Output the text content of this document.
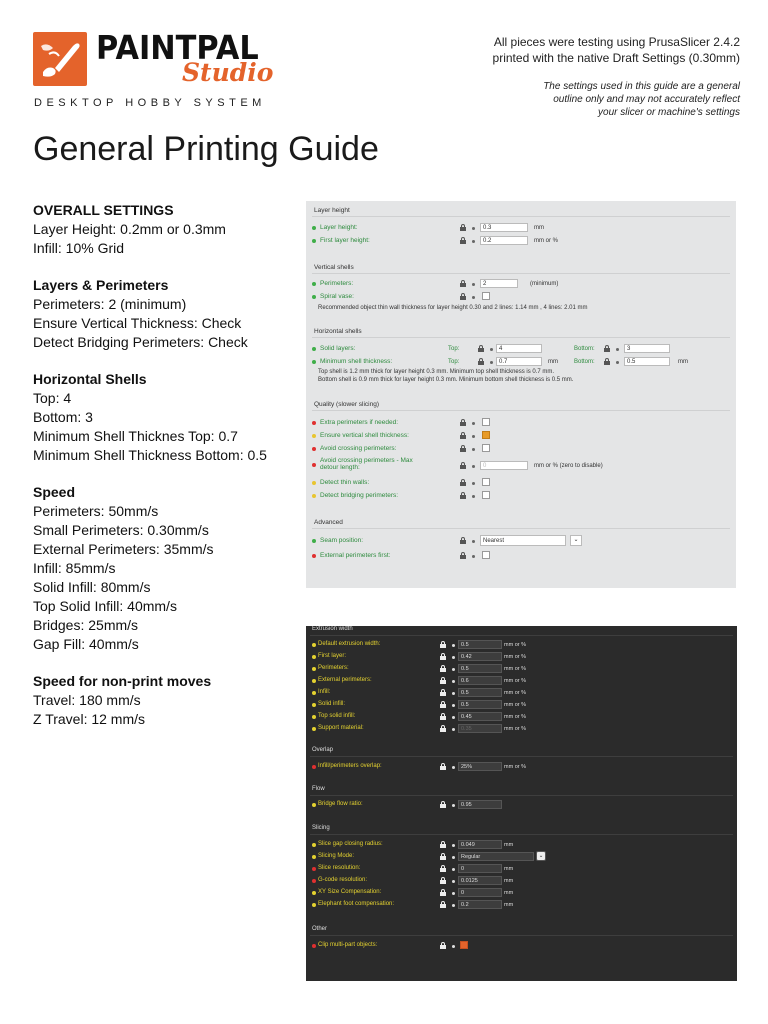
PAINTPAL
Studio
DESKTOP HOBBY SYSTEM
All pieces were testing using PrusaSlicer 2.4.2
printed with the native Draft Settings (0.30mm)
The settings used in this guide are a general
outline only and may not accurately reflect
your slicer or machine's settings
General Printing Guide
OVERALL SETTINGS
Layer Height: 0.2mm or 0.3mm
Infill: 10% Grid
Layers & Perimeters
Perimeters: 2 (minimum)
Ensure Vertical Thickness: Check
Detect Bridging Perimeters: Check
Horizontal Shells
Top: 4
Bottom: 3
Minimum Shell Thicknes Top: 0.7
Minimum Shell Thickness Bottom: 0.5
Speed
Perimeters: 50mm/s
Small Perimeters: 0.30mm/s
External Perimeters: 35mm/s
Infill: 85mm/s
Solid Infill: 80mm/s
Top Solid Infill: 40mm/s
Bridges: 25mm/s
Gap Fill: 40mm/s
Speed for non-print moves
Travel: 180 mm/s
Z Travel: 12 mm/s
Layer height
Layer height:	0.3	mm
First layer height:	0.2	mm or %
Vertical shells
Perimeters:	2	(minimum)
Spiral vase:
Recommended object thin wall thickness for layer height 0.30 and 2 lines: 1.14 mm , 4 lines: 2.01 mm
Horizontal shells
Solid layers:	Top:	4	Bottom:	3
Minimum shell thickness:	Top:	0.7	mm	Bottom:	0.5	mm
Top shell is 1.2 mm thick for layer height 0.3 mm. Minimum top shell thickness is 0.7 mm.
Bottom shell is 0.9 mm thick for layer height 0.3 mm. Minimum bottom shell thickness is 0.5 mm.
Quality (slower slicing)
Extra perimeters if needed:
Ensure vertical shell thickness:
Avoid crossing perimeters:
Avoid crossing perimeters - Max
detour length:	0	mm or % (zero to disable)
Detect thin walls:
Detect bridging perimeters:
Advanced
Seam position:	Nearest	⌄
External perimeters first:
Extrusion width
Default extrusion width:	0.5	mm or %
First layer:	0.42	mm or %
Perimeters:	0.5	mm or %
External perimeters:	0.6	mm or %
Infill:	0.5	mm or %
Solid infill:	0.5	mm or %
Top solid infill:	0.45	mm or %
Support material:	0.35	mm or %
Overlap
Infill/perimeters overlap:	25%	mm or %
Flow
Bridge flow ratio:	0.95
Slicing
Slice gap closing radius:	0.049	mm
Slicing Mode:	Regular	⌄
Slice resolution:	0	mm
G-code resolution:	0.0125	mm
XY Size Compensation:	0	mm
Elephant foot compensation:	0.2	mm
Other
Clip multi-part objects:
